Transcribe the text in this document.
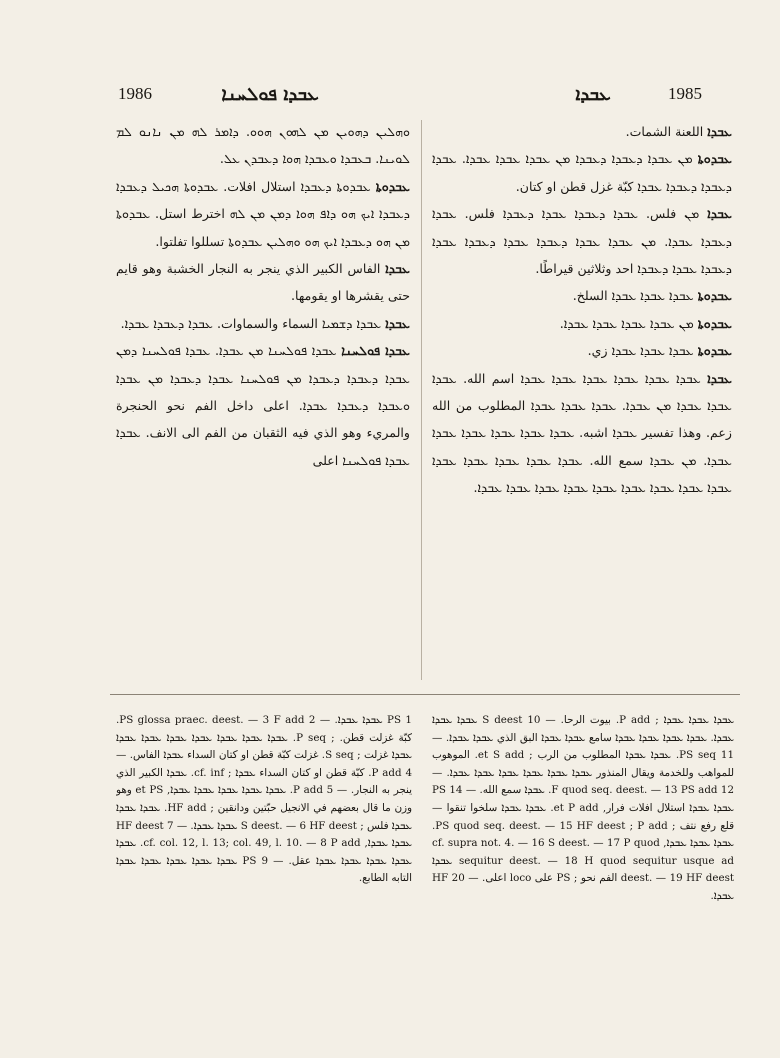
1986	ܥܒܕܐ ܦܘܠܚܢܐ	ܥܒܕܐ	1985

ܘܗܠܝܢ ܕܗܘܝܢ ܡܢ ܠܗܘܢ ܗܘܘ. ܕܐܡܪ ܠܗ ܡܢ ܢܐܢܘ ܠܡ ܠܘܝܢܐ. ܒܥܒܕܐ ܘܥܒܕܐ ܗܘܐ ܕܥܒܕܢ ܥܠ.

ܥܒܕܘܬܐ ܥܒܕܘܬܐ ܕܥܒܕܐ استلال افلات. ܥܒܕܘܬܐ ܗܟܝܠ ܕܥܒܕܐ ܕܥܒܕܐ ܐܝܟ ܗܘ ܕܐܦ ܗܘܐ ܕܡܢ ܡܢ ܠܗ اخترط استل. ܥܒܕܘܬܐ ܡܢ ܗܘ ܕܥܒܕܐ ܐܝܟ ܗܘ ܘܗܠܝܢ ܥܒܕܘܬܐ تسللوا تفلتوا.

ܥܒܕܐ الفاس الكبير الذي ينجر به النجار الخشبة وهو قايم حتى يقشرها او يقومها.

ܥܒܕܐ ܥܒܕܐ ܕܫܡܝܐ السماء والسماوات. ܥܒܕܐ ܕܥܒܕܐ ܥܒܕܐ.

ܥܒܕܐ ܦܘܠܚܢܐ ܥܒܕܐ ܦܘܠܚܢܐ ܡܢ ܥܒܕܐ. ܥܒܕܐ ܦܘܠܚܢܐ ܕܡܢ ܥܒܕܐ ܕܥܒܕܐ ܕܥܒܕܐ ܡܢ ܦܘܠܚܢܐ ܥܒܕܐ ܕܥܒܕܐ ܡܢ ܥܒܕܐ ܘܥܒܕܐ ܕܥܒܕܐ ܥܒܕܐ. اعلى داخل الفم نحو الحنجرة والمريء وهو الذي فيه الثقبان من الفم الى الانف. ܥܒܕܐ ܥܒܕܐ ܦܘܠܚܢܐ اعلى

ܥܒܕܐ اللعنة الشمات.

ܥܒܕܘܬܐ ܡܢ ܥܒܕܐ ܕܥܒܕܐ ܕܥܒܕܐ ܡܢ ܥܒܕܐ ܥܒܕܐ ܥܒܕܐ. ܥܒܕܐ ܕܥܒܕܐ ܕܥܒܕܐ ܥܒܕܐ كبّة غزل قطن او كتان.

ܥܒܕܐ ܡܢ فلس. ܥܒܕܐ ܕܥܒܕܐ ܥܒܕܐ ܕܥܒܕܐ فلس. ܥܒܕܐ ܕܥܒܕܐ ܥܒܕܐ. ܡܢ ܥܒܕܐ ܥܒܕܐ ܕܥܒܕܐ ܥܒܕܐ ܕܥܒܕܐ ܥܒܕܐ ܕܥܒܕܐ ܥܒܕܐ ܕܥܒܕܐ احد وثلاثين قيراطًا.

ܥܒܕܘܬܐ ܥܒܕܐ ܥܒܕܐ ܥܒܕܐ السلخ.

ܥܒܕܘܬܐ ܡܢ ܥܒܕܐ ܥܒܕܐ ܥܒܕܐ ܥܒܕܐ.

ܥܒܕܘܬܐ ܥܒܕܐ ܥܒܕܐ ܥܒܕܐ زي.

ܥܒܕܐ ܥܒܕܐ ܥܒܕܐ ܥܒܕܐ ܥܒܕܐ ܥܒܕܐ ܥܒܕܐ اسم الله. ܥܒܕܐ ܥܒܕܐ ܥܒܕܐ ܡܢ ܥܒܕܐ. ܥܒܕܐ ܥܒܕܐ ܥܒܕܐ المطلوب من الله زعم. وهذا تفسير ܥܒܕܐ اشبه. ܥܒܕܐ ܥܒܕܐ ܥܒܕܐ ܥܒܕܐ ܥܒܕܐ ܥܒܕܐ. ܡܢ ܥܒܕܐ سمع الله. ܥܒܕܐ ܥܒܕܐ ܥܒܕܐ ܥܒܕܐ ܥܒܕܐ ܥܒܕܐ ܥܒܕܐ ܥܒܕܐ ܥܒܕܐ ܥܒܕܐ ܥܒܕܐ ܥܒܕܐ ܥܒܕܐ ܥܒܕܐ.

1 PS ܥܒܕܐ ܥܒܕܐ. — 2 PS glossa praec. deest. — 3 F add. كبّة غزلت قطن. ; P seq. ܥܒܕܐ ܥܒܕܐ ܥܒܕܐ ܥܒܕܐ ܥܒܕܐ ܥܒܕܐ ܥܒܕܐ ܥܒܕܐ غزلت ; S seq. غزلت كبّة قطن او كتان السداء ܥܒܕܐ الفاس. — 4 P add. كبّة قطن او كتان السداء ܥܒܕܐ ; cf. inf. ܥܒܕܐ الكبير الذي ينجر به النجار. — 5 P add. ܥܒܕܐ ܥܒܕܐ ܥܒܕܐ ܥܒܕܐ ܥܒܕܐ, et PS وهو وزن ما قال بعضهم في الانجيل حبّتين ودانقين ; HF add. ܥܒܕܐ ܥܒܕܐ ܥܒܕܐ فلس ; S deest. — 6 HF deest ܥܒܕܐ ܥܒܕܐ. — 7 HF deest ܥܒܕܐ ܥܒܕܐ, cf. col. 12, l. 13; col. 49, l. 10. — 8 P add. ܥܒܕܐ ܥܒܕܐ ܥܒܕܐ ܥܒܕܐ ܥܒܕܐ عقل. — 9 PS ܥܒܕܐ ܥܒܕܐ ܥܒܕܐ ܥܒܕܐ ܥܒܕܐ التابه الطابع.

ܥܒܕܐ ܥܒܕܐ ܥܒܕܐ ; P add. بيوت الرحا. — 10 S deest ܥܒܕܐ ܥܒܕܐ ܥܒܕܐ. ܥܒܕܐ ܥܒܕܐ ܥܒܕܐ ܥܒܕܐ سامع ܥܒܕܐ ܥܒܕܐ البق الذي ܥܒܕܐ ܥܒܕܐ. — 11 PS seq. ܥܒܕܐ ܥܒܕܐ المطلوب من الرب ; et S add. الموهوب للمواهب وللخدمة ويقال المنذور ܥܒܕܐ ܥܒܕܐ ܥܒܕܐ ܥܒܕܐ ܥܒܕܐ ܥܒܕܐ. — 12 F quod seq. deest. — 13 PS add. ܥܒܕܐ سمع الله. — 14 PS ܥܒܕܐ ܥܒܕܐ استلال افلات فرار, et P add. ܥܒܕܐ ܥܒܕܐ سلخوا تنقوا — قلع رفع نتف ; PS quod seq. deest. — 15 HF deest ; P add. ܥܒܕܐ ܥܒܕܐ ܥܒܕܐ, cf. supra not. 4. — 16 S deest. — 17 P quod sequitur deest. — 18 H quod sequitur usque ad ܥܒܕܐ deest. — 19 HF deest الفم نحو ; PS على loco اعلى. — 20 HF ܥܒܕܐ.
